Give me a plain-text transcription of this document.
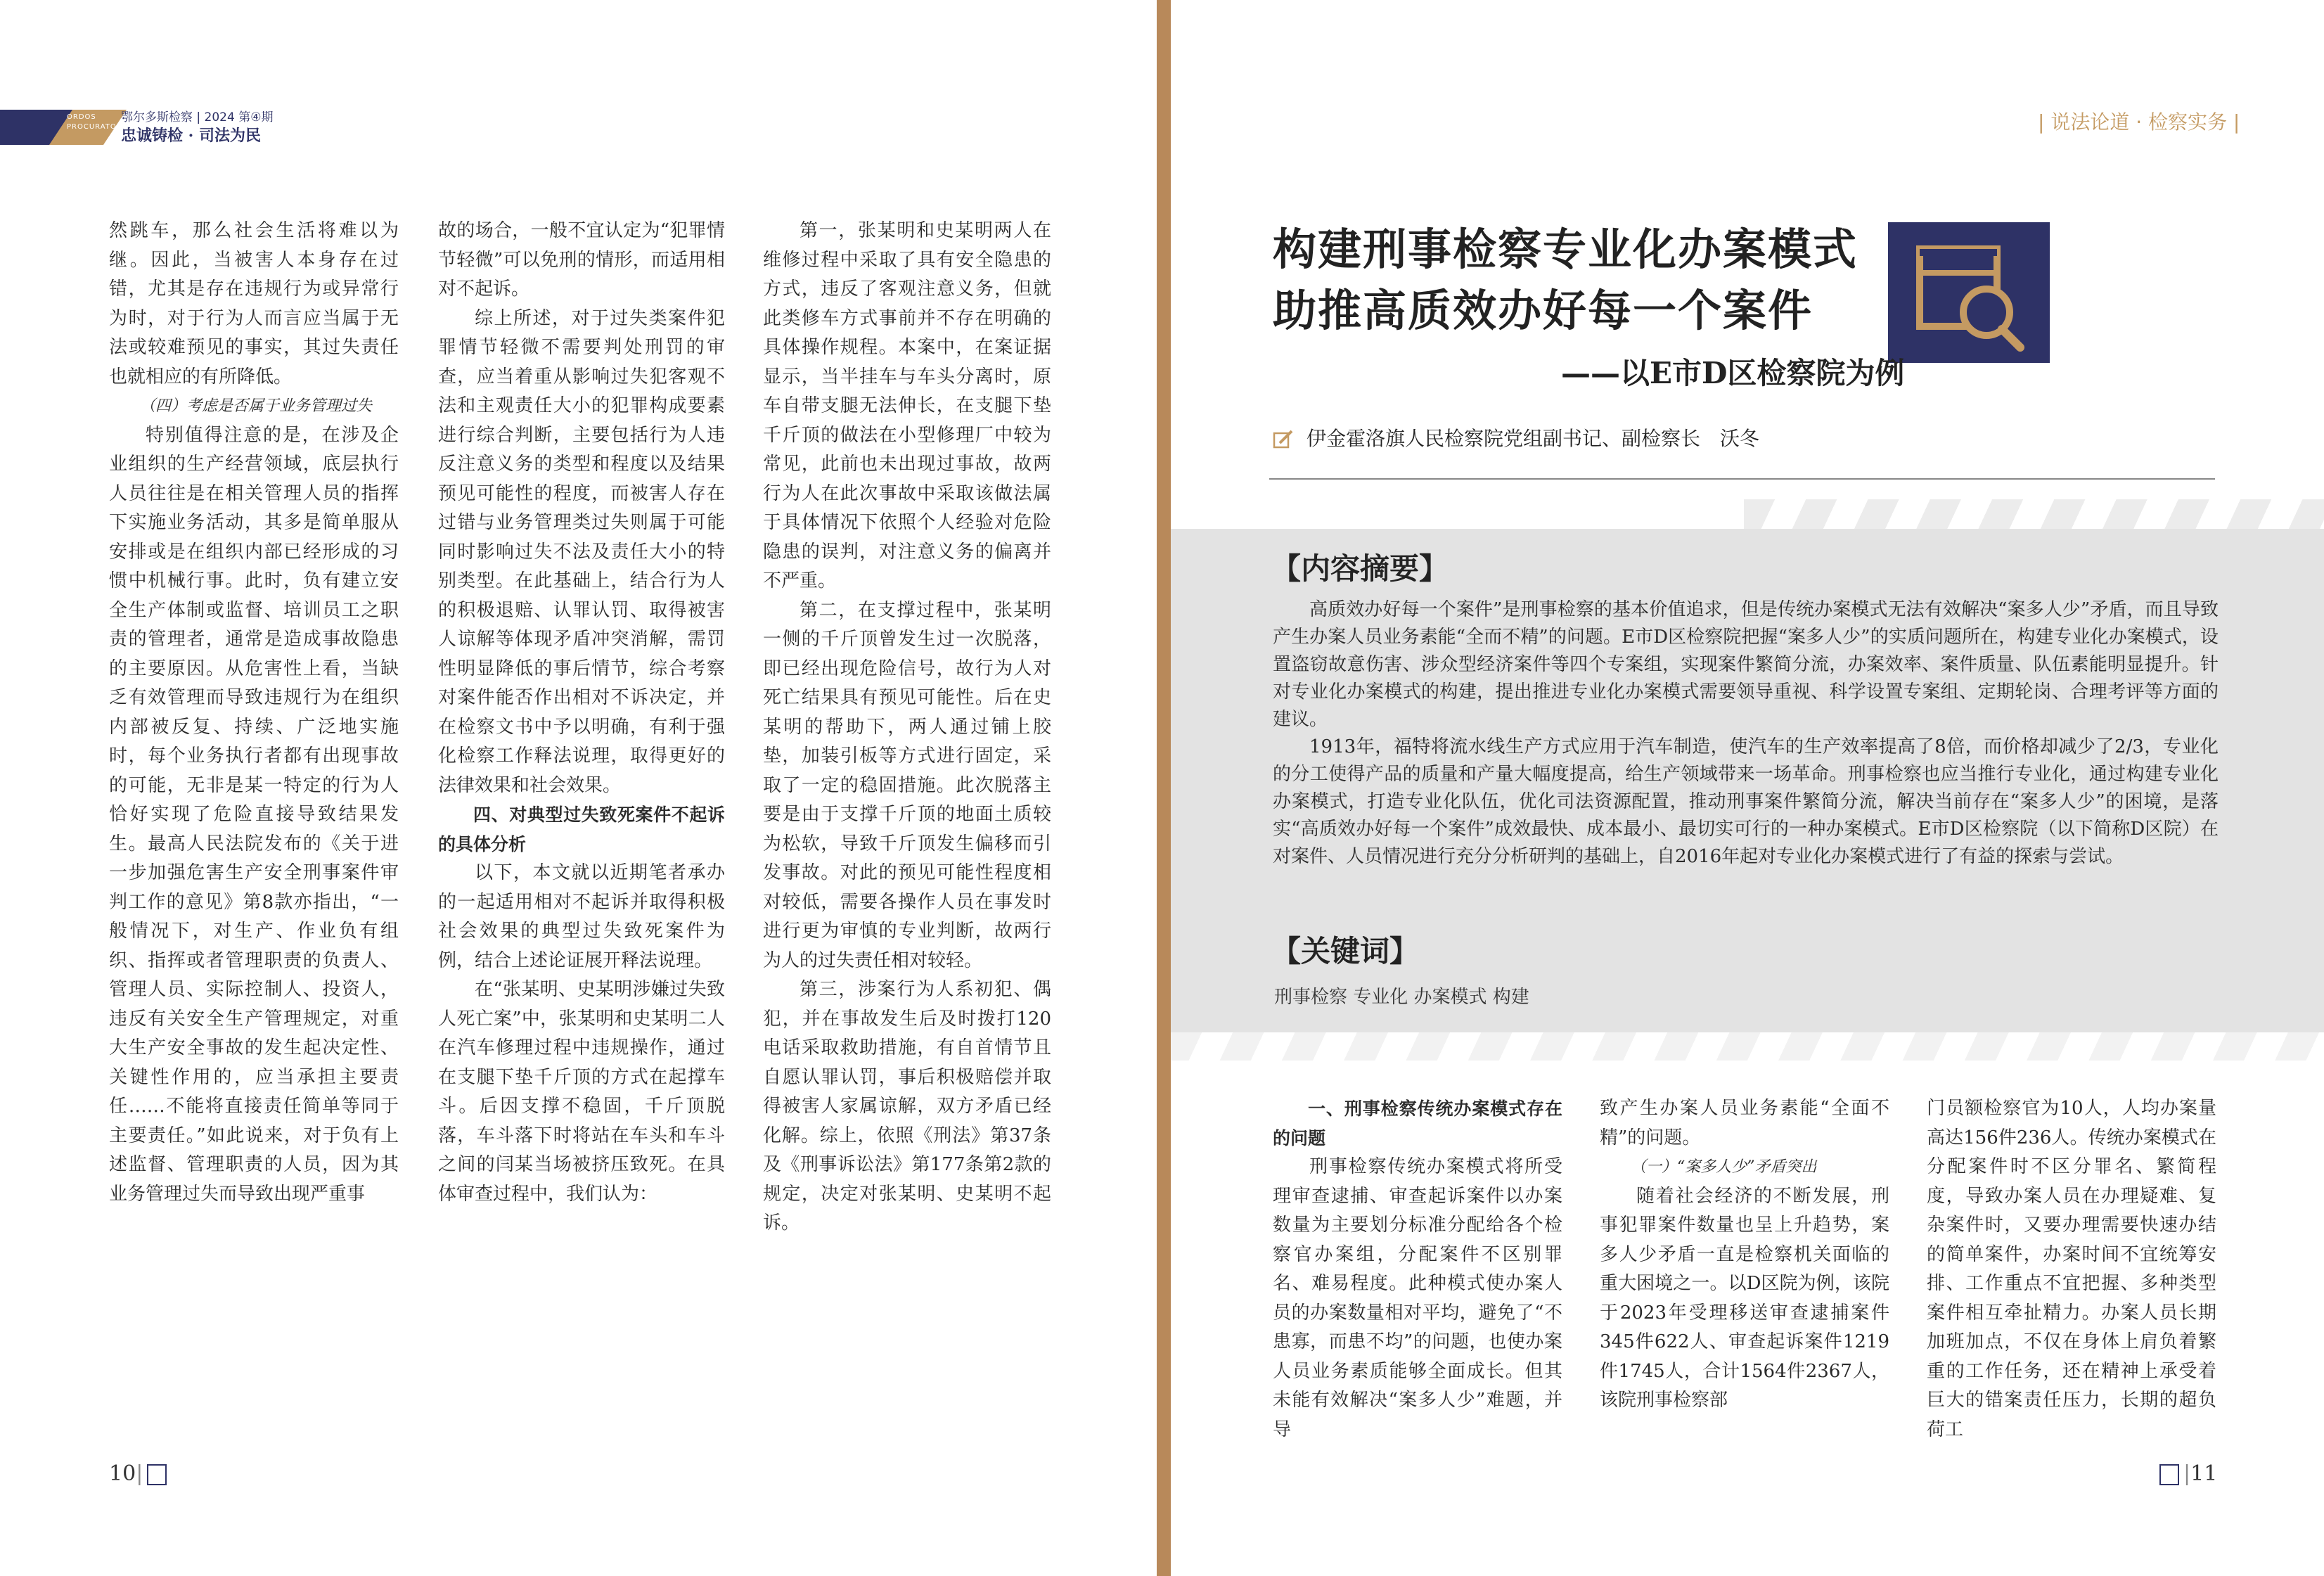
ORDOS
PROCURATORATE
鄂尔多斯检察 | 2024 第④期
忠诚铸检 · 司法为民

然跳车，那么社会生活将难以为继。因此，当被害人本身存在过错，尤其是存在违规行为或异常行为时，对于行为人而言应当属于无法或较难预见的事实，其过失责任也就相应的有所降低。

（四）考虑是否属于业务管理过失

特别值得注意的是，在涉及企业组织的生产经营领域，底层执行人员往往是在相关管理人员的指挥下实施业务活动，其多是简单服从安排或是在组织内部已经形成的习惯中机械行事。此时，负有建立安全生产体制或监督、培训员工之职责的管理者，通常是造成事故隐患的主要原因。从危害性上看，当缺乏有效管理而导致违规行为在组织内部被反复、持续、广泛地实施时，每个业务执行者都有出现事故的可能，无非是某一特定的行为人恰好实现了危险直接导致结果发生。最高人民法院发布的《关于进一步加强危害生产安全刑事案件审判工作的意见》第8款亦指出，“一般情况下，对生产、作业负有组织、指挥或者管理职责的负责人、管理人员、实际控制人、投资人，违反有关安全生产管理规定，对重大生产安全事故的发生起决定性、关键性作用的，应当承担主要责任……不能将直接责任简单等同于主要责任。”如此说来，对于负有上述监督、管理职责的人员，因为其业务管理过失而导致出现严重事

故的场合，一般不宜认定为“犯罪情节轻微”可以免刑的情形，而适用相对不起诉。

综上所述，对于过失类案件犯罪情节轻微不需要判处刑罚的审查，应当着重从影响过失犯客观不法和主观责任大小的犯罪构成要素进行综合判断，主要包括行为人违反注意义务的类型和程度以及结果预见可能性的程度，而被害人存在过错与业务管理类过失则属于可能同时影响过失不法及责任大小的特别类型。在此基础上，结合行为人的积极退赔、认罪认罚、取得被害人谅解等体现矛盾冲突消解，需罚性明显降低的事后情节，综合考察对案件能否作出相对不诉决定，并在检察文书中予以明确，有利于强化检察工作释法说理，取得更好的法律效果和社会效果。

四、对典型过失致死案件不起诉的具体分析

以下，本文就以近期笔者承办的一起适用相对不起诉并取得积极社会效果的典型过失致死案件为例，结合上述论证展开释法说理。

在“张某明、史某明涉嫌过失致人死亡案”中，张某明和史某明二人在汽车修理过程中违规操作，通过在支腿下垫千斤顶的方式在起撑车斗。后因支撑不稳固，千斤顶脱落，车斗落下时将站在车头和车斗之间的闫某当场被挤压致死。在具体审查过程中，我们认为：

第一，张某明和史某明两人在维修过程中采取了具有安全隐患的方式，违反了客观注意义务，但就此类修车方式事前并不存在明确的具体操作规程。本案中，在案证据显示，当半挂车与车头分离时，原车自带支腿无法伸长，在支腿下垫千斤顶的做法在小型修理厂中较为常见，此前也未出现过事故，故两行为人在此次事故中采取该做法属于具体情况下依照个人经验对危险隐患的误判，对注意义务的偏离并不严重。

第二，在支撑过程中，张某明一侧的千斤顶曾发生过一次脱落，即已经出现危险信号，故行为人对死亡结果具有预见可能性。后在史某明的帮助下，两人通过铺上胶垫，加装引板等方式进行固定，采取了一定的稳固措施。此次脱落主要是由于支撑千斤顶的地面土质较为松软，导致千斤顶发生偏移而引发事故。对此的预见可能性程度相对较低，需要各操作人员在事发时进行更为审慎的专业判断，故两行为人的过失责任相对较轻。

第三，涉案行为人系初犯、偶犯，并在事故发生后及时拨打120电话采取救助措施，有自首情节且自愿认罪认罚，事后积极赔偿并取得被害人家属谅解，双方矛盾已经化解。综上，依照《刑法》第37条及《刑事诉讼法》第177条第2款的规定，决定对张某明、史某明不起诉。

10|
| 说法论道 · 检察实务 |
构建刑事检察专业化办案模式
助推高质效办好每一个案件
——以E市D区检察院为例
伊金霍洛旗人民检察院党组副书记、副检察长　沃冬
【内容摘要】

高质效办好每一个案件”是刑事检察的基本价值追求，但是传统办案模式无法有效解决“案多人少”矛盾，而且导致产生办案人员业务素能“全而不精”的问题。E市D区检察院把握“案多人少”的实质问题所在，构建专业化办案模式，设置盗窃故意伤害、涉众型经济案件等四个专案组，实现案件繁简分流，办案效率、案件质量、队伍素能明显提升。针对专业化办案模式的构建，提出推进专业化办案模式需要领导重视、科学设置专案组、定期轮岗、合理考评等方面的建议。

1913年，福特将流水线生产方式应用于汽车制造，使汽车的生产效率提高了8倍，而价格却减少了2/3，专业化的分工使得产品的质量和产量大幅度提高，给生产领域带来一场革命。刑事检察也应当推行专业化，通过构建专业化办案模式，打造专业化队伍，优化司法资源配置，推动刑事案件繁简分流，解决当前存在“案多人少”的困境，是落实“高质效办好每一个案件”成效最快、成本最小、最切实可行的一种办案模式。E市D区检察院（以下简称D区院）在对案件、人员情况进行充分分析研判的基础上，自2016年起对专业化办案模式进行了有益的探索与尝试。

【关键词】
刑事检察 专业化 办案模式 构建
一、刑事检察传统办案模式存在的问题

刑事检察传统办案模式将所受理审查逮捕、审查起诉案件以办案数量为主要划分标准分配给各个检察官办案组，分配案件不区别罪名、难易程度。此种模式使办案人员的办案数量相对平均，避免了“不患寡，而患不均”的问题，也使办案人员业务素质能够全面成长。但其未能有效解决“案多人少”难题，并导

致产生办案人员业务素能“全面不精”的问题。

（一）“案多人少”矛盾突出

随着社会经济的不断发展，刑事犯罪案件数量也呈上升趋势，案多人少矛盾一直是检察机关面临的重大困境之一。以D区院为例，该院于2023年受理移送审查逮捕案件345件622人、审查起诉案件1219件1745人，合计1564件2367人，该院刑事检察部

门员额检察官为10人，人均办案量高达156件236人。传统办案模式在分配案件时不区分罪名、繁简程度，导致办案人员在办理疑难、复杂案件时，又要办理需要快速办结的简单案件，办案时间不宜统筹安排、工作重点不宜把握、多种类型案件相互牵扯精力。办案人员长期加班加点，不仅在身体上肩负着繁重的工作任务，还在精神上承受着巨大的错案责任压力，长期的超负荷工

|11
